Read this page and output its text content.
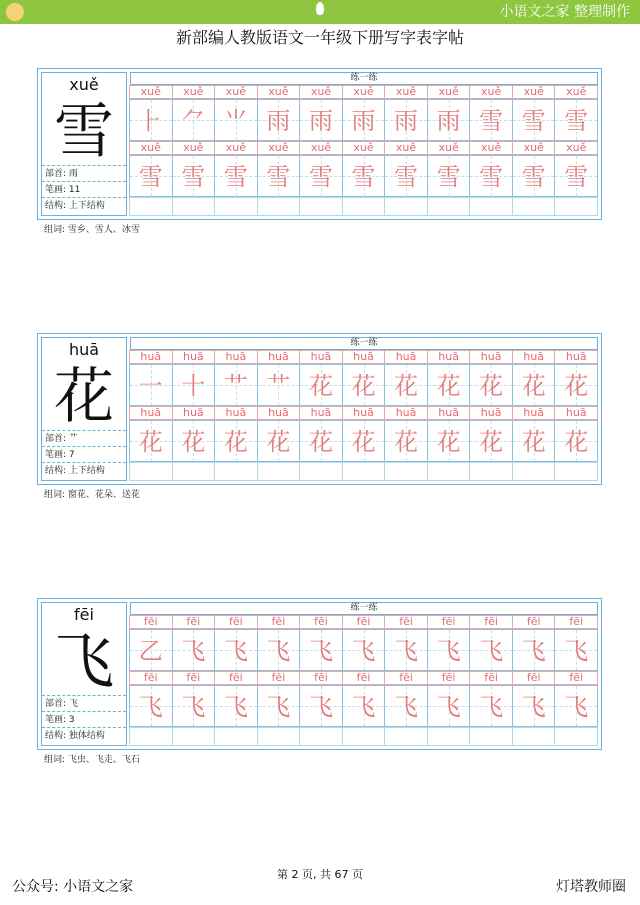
小语文之家 整理制作
新部编人教版语文一年级下册写字表字帖
xuě
雪
部首: 雨
笔画: 11
结构: 上下结构
练一练
xuě	xuě	xuě	xuě	xuě	xuě	xuě	xuě	xuě	xuě	xuě
⺊ ⺈ ⺌ 雨 雨 雨 雨 雨 雪 雪 雪
xuě	xuě	xuě	xuě	xuě	xuě	xuě	xuě	xuě	xuě	xuě
雪 雪 雪 雪 雪 雪 雪 雪 雪 雪 雪
huā
花
部首: 艹
笔画: 7
结构: 上下结构
练一练
huā	huā	huā	huā	huā	huā	huā	huā	huā	huā	huā
一 十 艹 艹 花 花 花 花 花 花 花
huā	huā	huā	huā	huā	huā	huā	huā	huā	huā	huā
花 花 花 花 花 花 花 花 花 花 花
fēi
飞
部首: 飞
笔画: 3
结构: 独体结构
练一练
fēi	fēi	fēi	fēi	fēi	fēi	fēi	fēi	fēi	fēi	fēi
乙 飞 飞 飞 飞 飞 飞 飞 飞 飞 飞
fēi	fēi	fēi	fēi	fēi	fēi	fēi	fēi	fēi	fēi	fēi
飞 飞 飞 飞 飞 飞 飞 飞 飞 飞 飞
公众号: 小语文之家
第 2 页, 共 67 页
灯塔教师圈
组词: 雪乡、雪人、冰雪
组词: 窗花、花朵、送花
组词: 飞虫、飞走、飞石
